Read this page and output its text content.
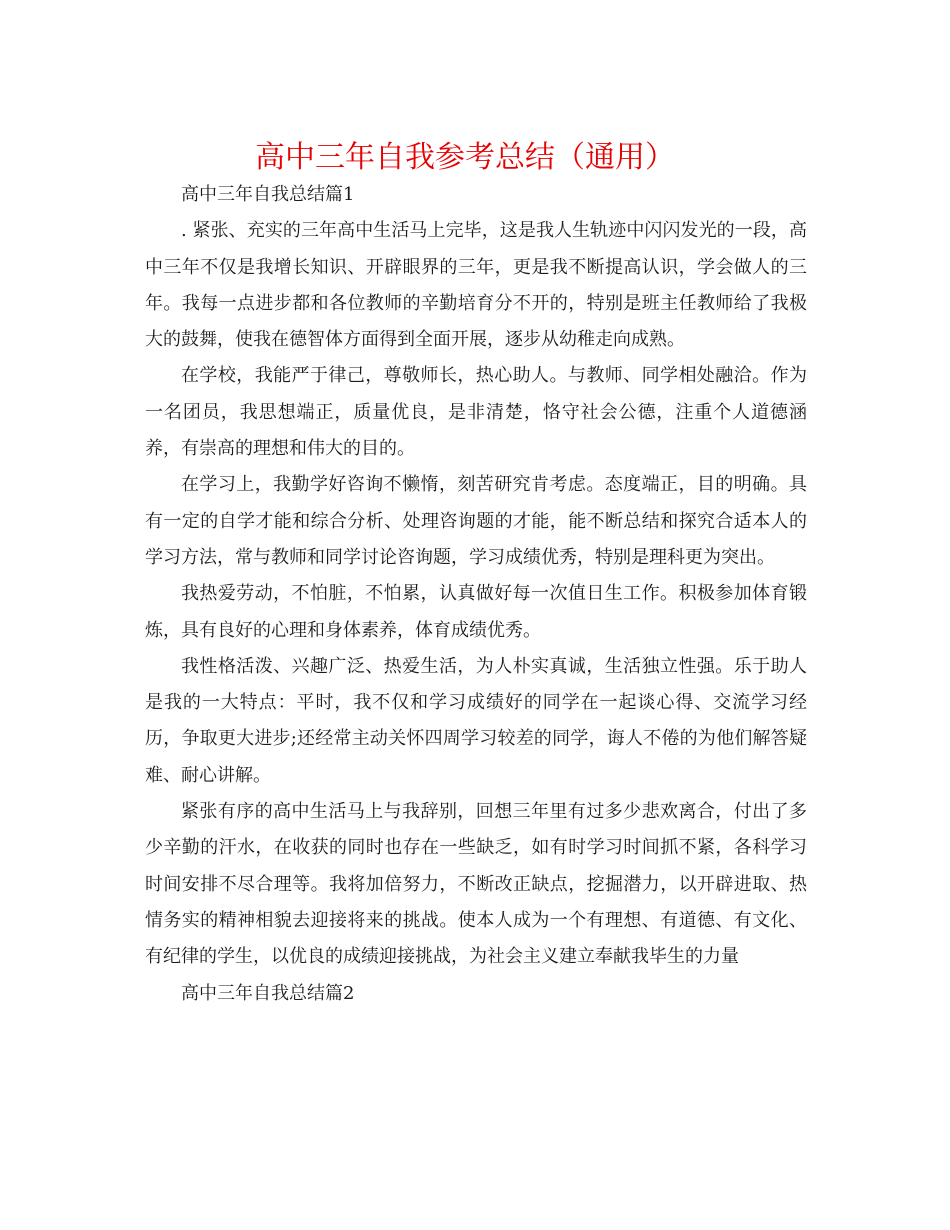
高中三年自我参考总结（通用）

高中三年自我总结篇1

. 紧张、充实的三年高中生活马上完毕，这是我人生轨迹中闪闪发光的一段，高中三年不仅是我增长知识、开辟眼界的三年，更是我不断提高认识，学会做人的三年。我每一点进步都和各位教师的辛勤培育分不开的，特别是班主任教师给了我极大的鼓舞，使我在德智体方面得到全面开展，逐步从幼稚走向成熟。

在学校，我能严于律己，尊敬师长，热心助人。与教师、同学相处融洽。作为一名团员，我思想端正，质量优良，是非清楚，恪守社会公德，注重个人道德涵养，有崇高的理想和伟大的目的。

在学习上，我勤学好咨询不懒惰，刻苦研究肯考虑。态度端正，目的明确。具有一定的自学才能和综合分析、处理咨询题的才能，能不断总结和探究合适本人的学习方法，常与教师和同学讨论咨询题，学习成绩优秀，特别是理科更为突出。

我热爱劳动，不怕脏，不怕累，认真做好每一次值日生工作。积极参加体育锻炼，具有良好的心理和身体素养，体育成绩优秀。

我性格活泼、兴趣广泛、热爱生活，为人朴实真诚，生活独立性强。乐于助人是我的一大特点：平时，我不仅和学习成绩好的同学在一起谈心得、交流学习经历，争取更大进步;还经常主动关怀四周学习较差的同学，诲人不倦的为他们解答疑难、耐心讲解。

紧张有序的高中生活马上与我辞别，回想三年里有过多少悲欢离合，付出了多少辛勤的汗水，在收获的同时也存在一些缺乏，如有时学习时间抓不紧，各科学习时间安排不尽合理等。我将加倍努力，不断改正缺点，挖掘潜力，以开辟进取、热情务实的精神相貌去迎接将来的挑战。使本人成为一个有理想、有道德、有文化、有纪律的学生，以优良的成绩迎接挑战，为社会主义建立奉献我毕生的力量

高中三年自我总结篇2
